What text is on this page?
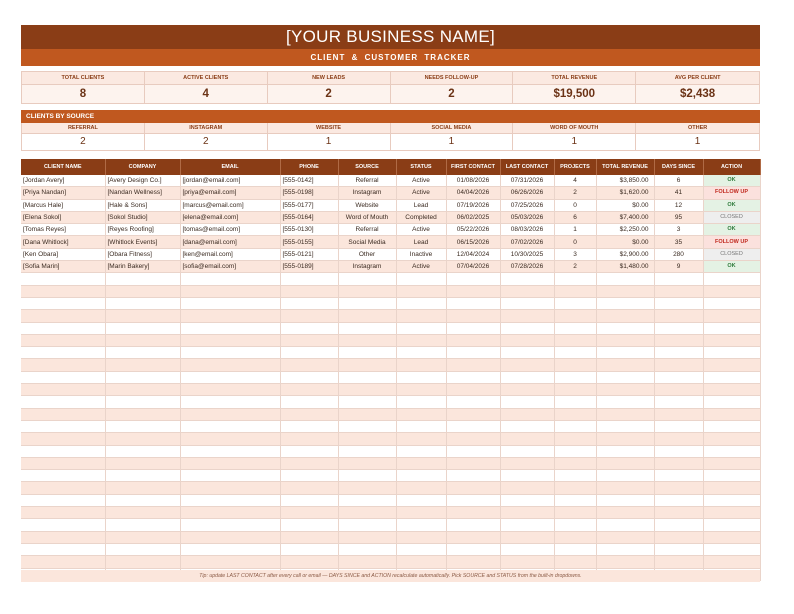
[YOUR BUSINESS NAME]
CLIENT & CUSTOMER TRACKER
TOTAL CLIENTS
8
ACTIVE CLIENTS
4
NEW LEADS
2
NEEDS FOLLOW-UP
2
TOTAL REVENUE
$19,500
AVG PER CLIENT
$2,438
CLIENTS BY SOURCE
REFERRAL
2
INSTAGRAM
2
WEBSITE
1
SOCIAL MEDIA
1
WORD OF MOUTH
1
OTHER
1
CLIENT NAME	COMPANY	EMAIL	PHONE	SOURCE	STATUS	FIRST CONTACT	LAST CONTACT	PROJECTS	TOTAL REVENUE	DAYS SINCE	ACTION
[Jordan Avery]	[Avery Design Co.]	[jordan@email.com]	[555-0142]	Referral	Active	01/08/2026	07/31/2026	4	$3,850.00	6	OK
[Priya Nandan]	[Nandan Wellness]	[priya@email.com]	[555-0198]	Instagram	Active	04/04/2026	06/26/2026	2	$1,620.00	41	FOLLOW UP
[Marcus Hale]	[Hale & Sons]	[marcus@email.com]	[555-0177]	Website	Lead	07/19/2026	07/25/2026	0	$0.00	12	OK
[Elena Sokol]	[Sokol Studio]	[elena@email.com]	[555-0164]	Word of Mouth	Completed	06/02/2025	05/03/2026	6	$7,400.00	95	CLOSED
[Tomas Reyes]	[Reyes Roofing]	[tomas@email.com]	[555-0130]	Referral	Active	05/22/2026	08/03/2026	1	$2,250.00	3	OK
[Dana Whitlock]	[Whitlock Events]	[dana@email.com]	[555-0155]	Social Media	Lead	06/15/2026	07/02/2026	0	$0.00	35	FOLLOW UP
[Ken Obara]	[Obara Fitness]	[ken@email.com]	[555-0121]	Other	Inactive	12/04/2024	10/30/2025	3	$2,900.00	280	CLOSED
[Sofia Marin]	[Marin Bakery]	[sofia@email.com]	[555-0189]	Instagram	Active	07/04/2026	07/28/2026	2	$1,480.00	9	OK

Tip: update LAST CONTACT after every call or email — DAYS SINCE and ACTION recalculate automatically. Pick SOURCE and STATUS from the built-in dropdowns.
